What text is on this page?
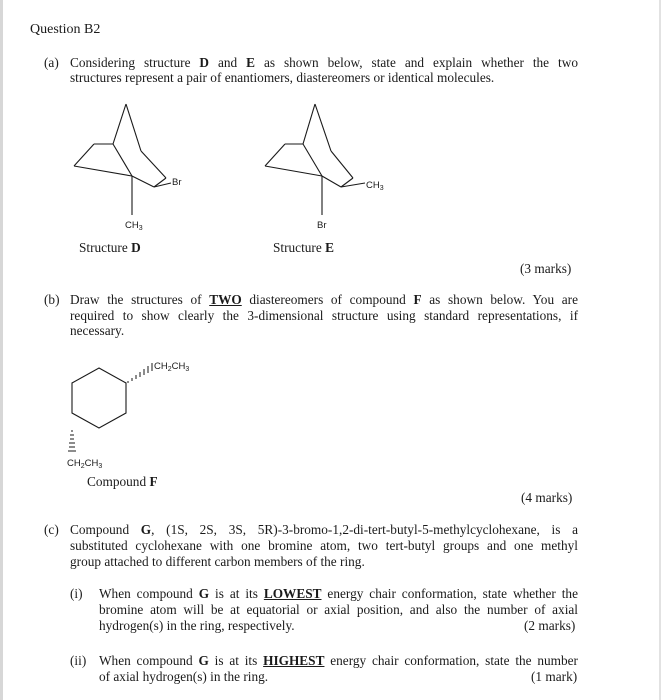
Question B2
(a) Considering structure D and E as shown below, state and explain whether the two
structures represent a pair of enantiomers, diastereomers or identical molecules.
Br
$CH_3$
Structure D
$CH_3$
Br
Structure E
(3 marks)
(b) Draw the structures of TWO diastereomers of compound F as shown below. You are
required to show clearly the 3-dimensional structure using standard representations, if
necessary.
$CH_2CH_3$
$CH_2CH_3$
Compound F
(4 marks)
(c) Compound G, (1S, 2S, 3S, 5R)-3-bromo-1,2-di-tert-butyl-5-methylcyclohexane, is a
substituted cyclohexane with one bromine atom, two tert-butyl groups and one methyl
group attached to different carbon members of the ring.
(i) When compound G is at its LOWEST energy chair conformation, state whether the
bromine atom will be at equatorial or axial position, and also the number of axial
hydrogen(s) in the ring, respectively.	(2 marks)
(ii) When compound G is at its HIGHEST energy chair conformation, state the number
of axial hydrogen(s) in the ring.	(1 mark)
